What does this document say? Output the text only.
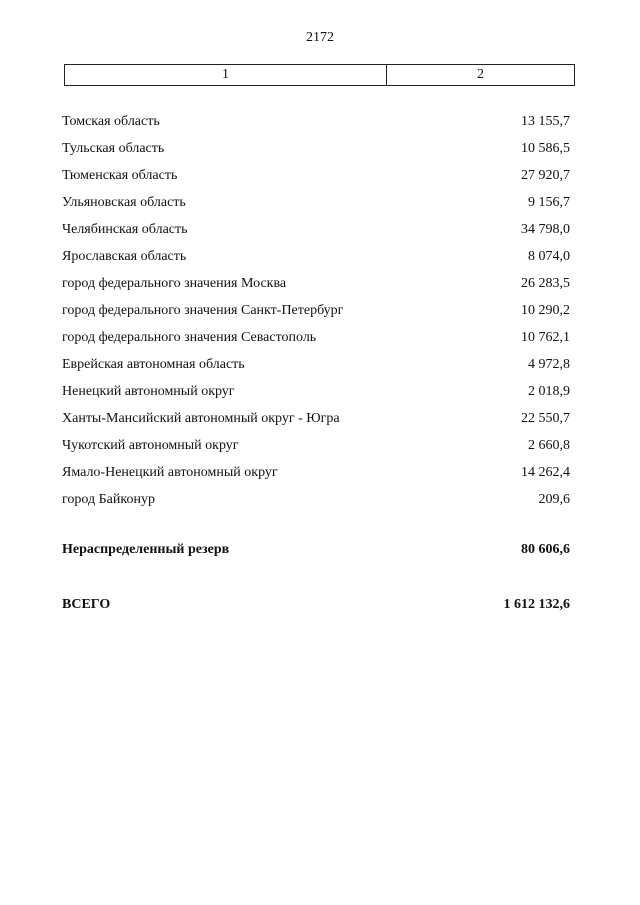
2172
1	2
Томская область	13 155,7
Тульская область	10 586,5
Тюменская область	27 920,7
Ульяновская область	9 156,7
Челябинская область	34 798,0
Ярославская область	8 074,0
город федерального значения Москва	26 283,5
город федерального значения Санкт-Петербург	10 290,2
город федерального значения Севастополь	10 762,1
Еврейская автономная область	4 972,8
Ненецкий автономный округ	2 018,9
Ханты-Мансийский автономный округ - Югра	22 550,7
Чукотский автономный округ	2 660,8
Ямало-Ненецкий автономный округ	14 262,4
город Байконур	209,6
Нераспределенный резерв	80 606,6
ВСЕГО	1 612 132,6
